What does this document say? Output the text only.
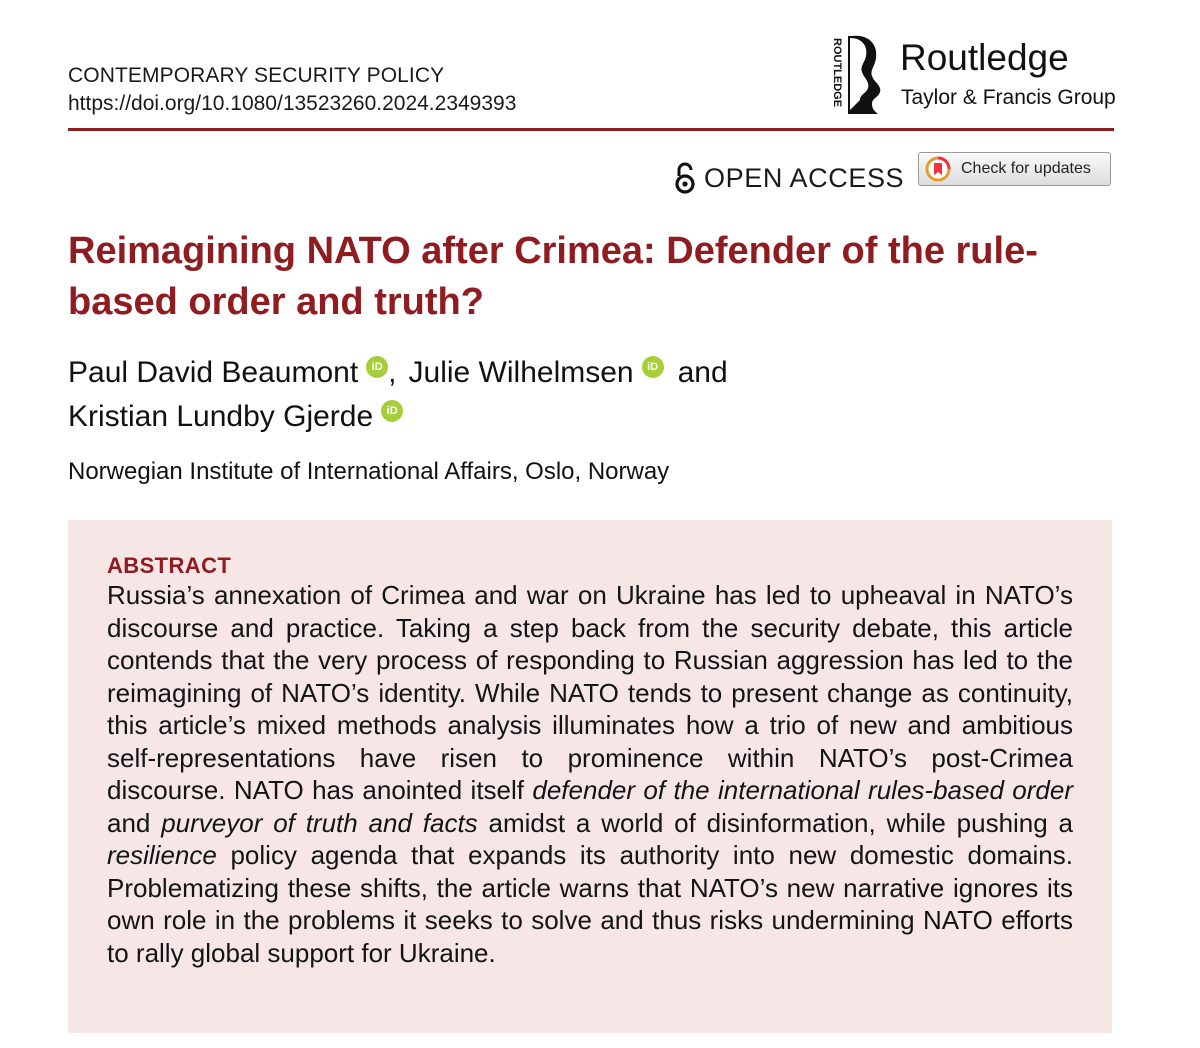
CONTEMPORARY SECURITY POLICY
https://doi.org/10.1080/13523260.2024.2349393	ROUTLEDGE Routledge
Taylor & Francis Group
OPEN ACCESS	Check for updates
Reimagining NATO after Crimea: Defender of the rule-based order and truth?
Paul David Beaumont	iD , Julie Wilhelmsen	iD and
Kristian Lundby Gjerde	iD
Norwegian Institute of International Affairs, Oslo, Norway
ABSTRACT

Russia’s annexation of Crimea and war on Ukraine has led to upheaval in NATO’s discourse and practice. Taking a step back from the security debate, this article contends that the very process of responding to Russian aggression has led to the reimagining of NATO’s identity. While NATO tends to present change as continuity, this article’s mixed methods analysis illuminates how a trio of new and ambitious self-representations have risen to prominence within NATO’s post-Crimea discourse. NATO has anointed itself defender of the international rules-based order and purveyor of truth and facts amidst a world of disinformation, while pushing a resilience policy agenda that expands its authority into new domestic domains. Problematizing these shifts, the article warns that NATO’s new narrative ignores its own role in the problems it seeks to solve and thus risks undermining NATO efforts to rally global support for Ukraine.
